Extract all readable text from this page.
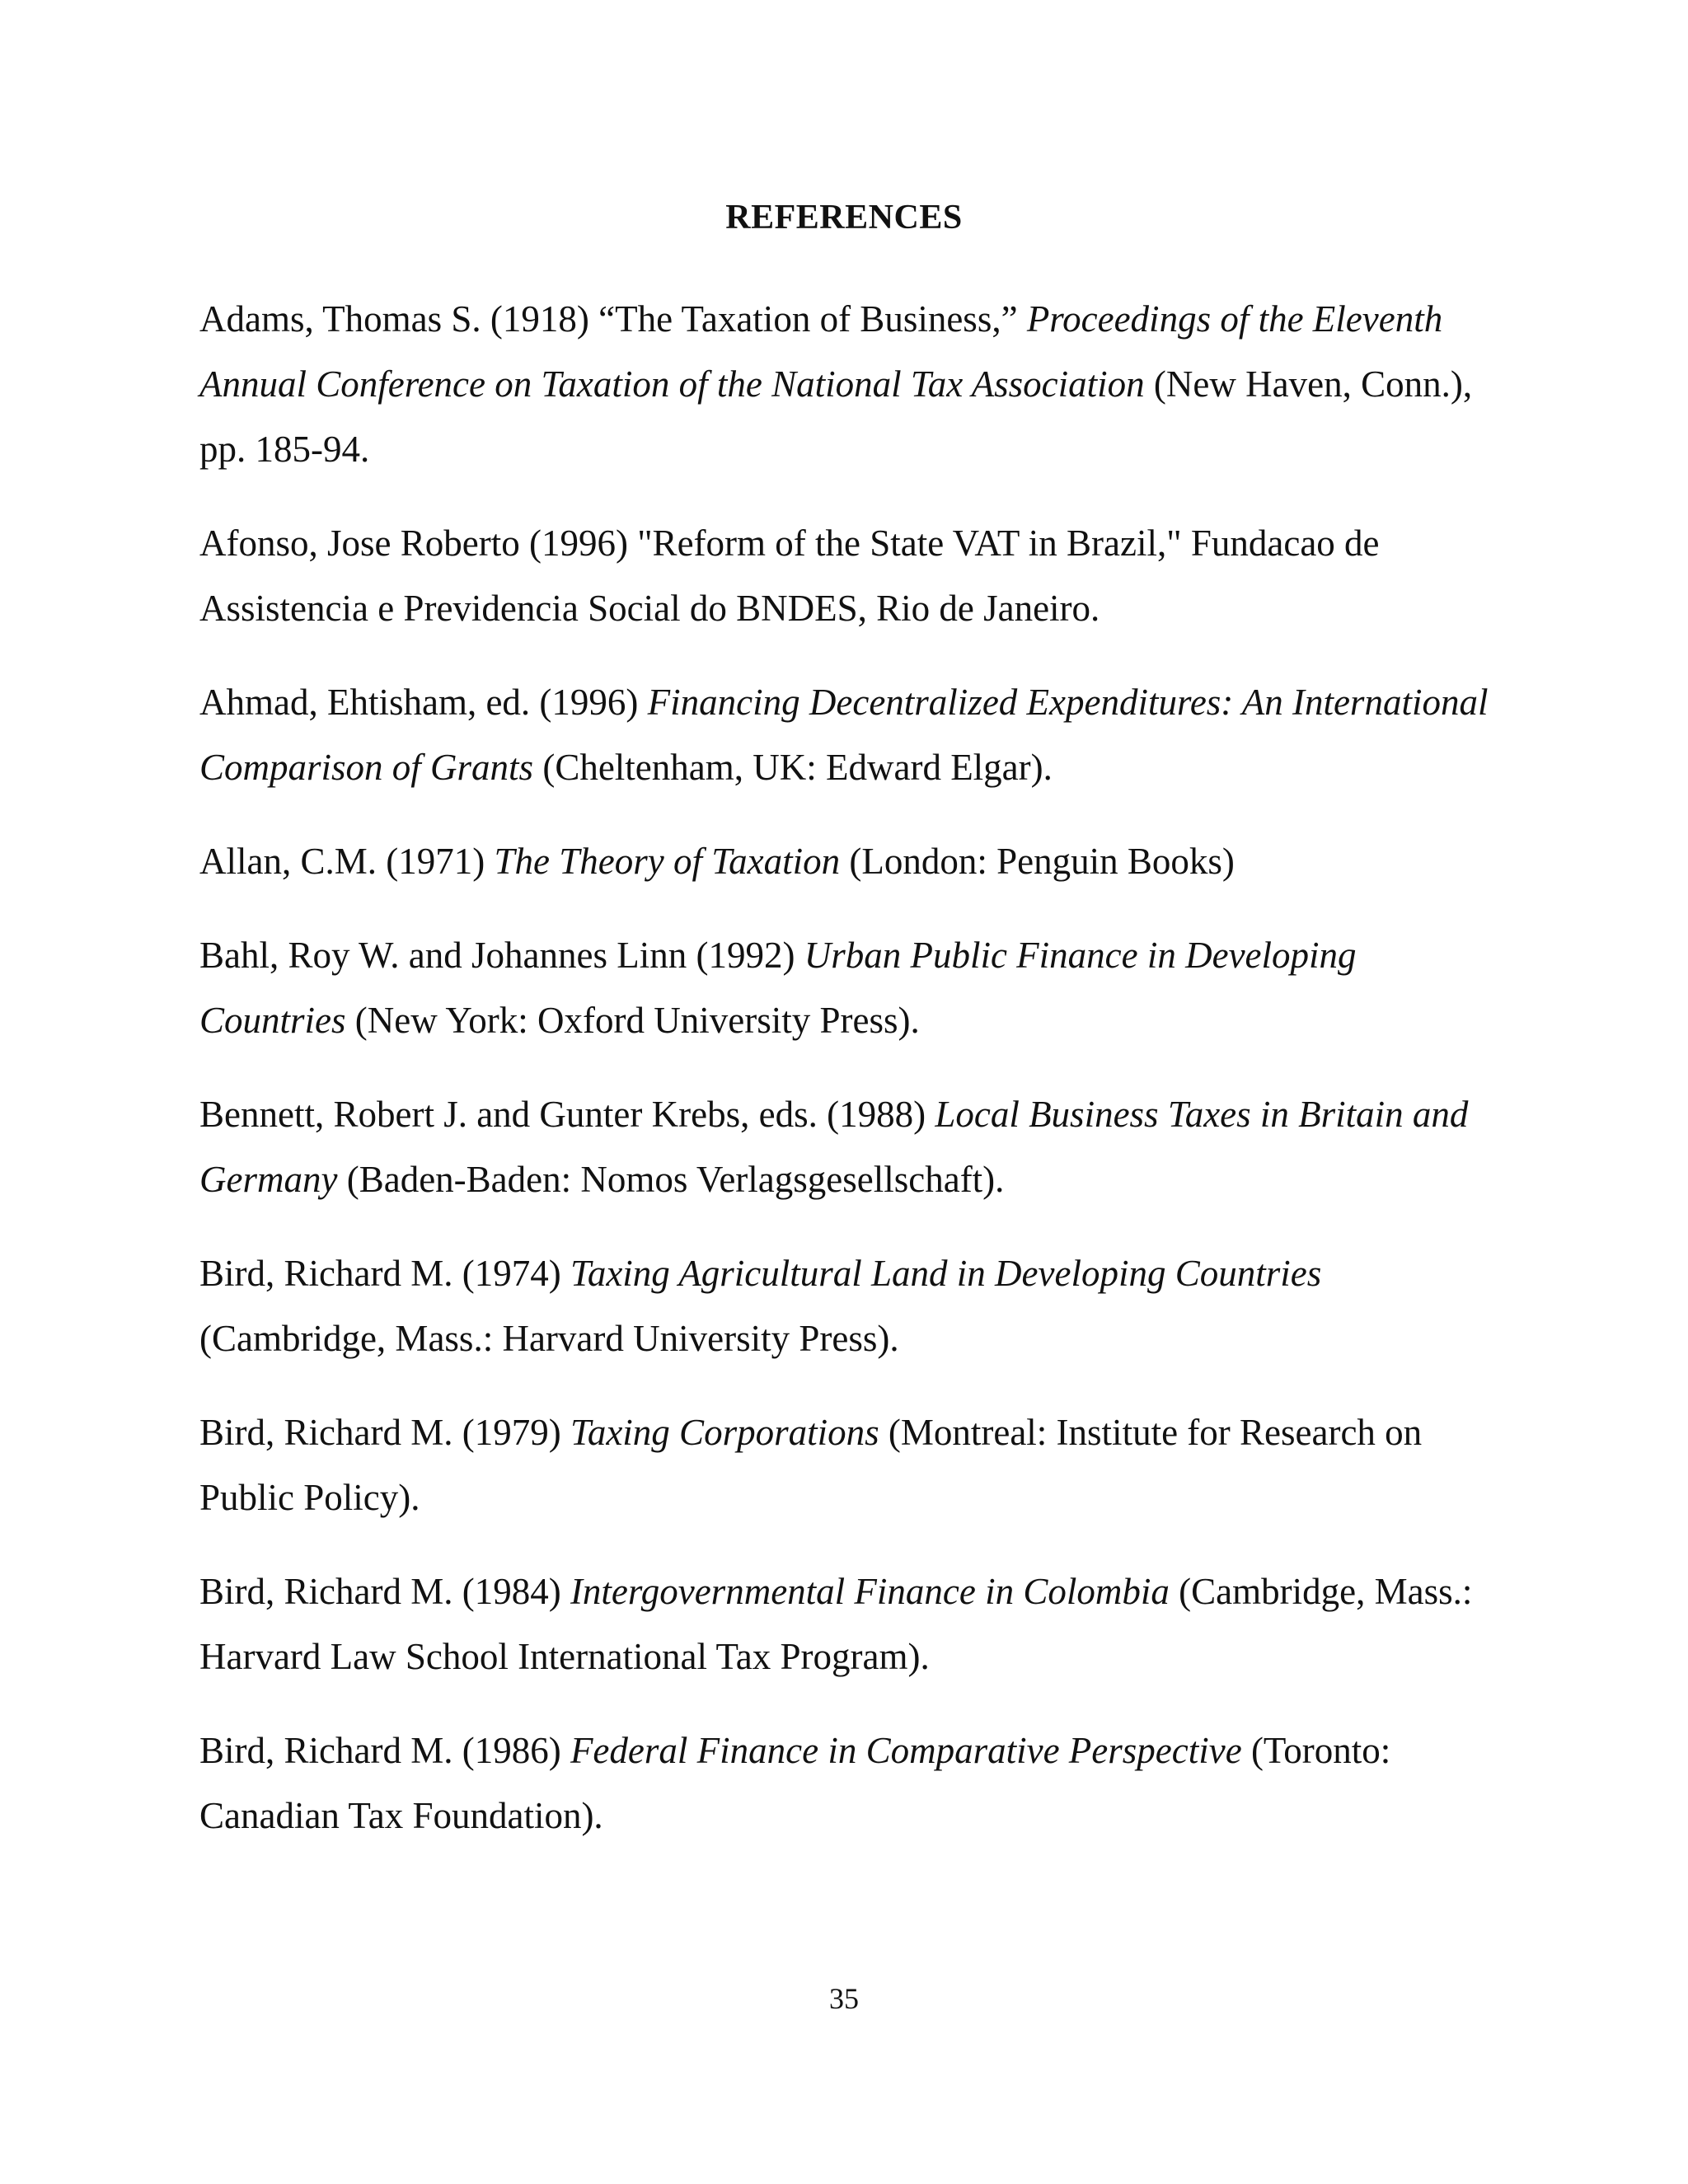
REFERENCES

Adams, Thomas S. (1918) “The Taxation of Business,” Proceedings of the Eleventh Annual Conference on Taxation of the National Tax Association (New Haven, Conn.), pp. 185-94.

Afonso, Jose Roberto (1996) "Reform of the State VAT in Brazil," Fundacao de Assistencia e Previdencia Social do BNDES, Rio de Janeiro.

Ahmad, Ehtisham, ed. (1996) Financing Decentralized Expenditures: An International Comparison of Grants (Cheltenham, UK: Edward Elgar).

Allan, C.M. (1971) The Theory of Taxation (London: Penguin Books)

Bahl, Roy W. and Johannes Linn (1992) Urban Public Finance in Developing Countries (New York: Oxford University Press).

Bennett, Robert J. and Gunter Krebs, eds. (1988) Local Business Taxes in Britain and Germany (Baden-Baden: Nomos Verlagsgesellschaft).

Bird, Richard M. (1974) Taxing Agricultural Land in Developing Countries (Cambridge, Mass.: Harvard University Press).

Bird, Richard M. (1979) Taxing Corporations (Montreal: Institute for Research on Public Policy).

Bird, Richard M. (1984) Intergovernmental Finance in Colombia (Cambridge, Mass.: Harvard Law School International Tax Program).

Bird, Richard M. (1986) Federal Finance in Comparative Perspective (Toronto: Canadian Tax Foundation).

35
